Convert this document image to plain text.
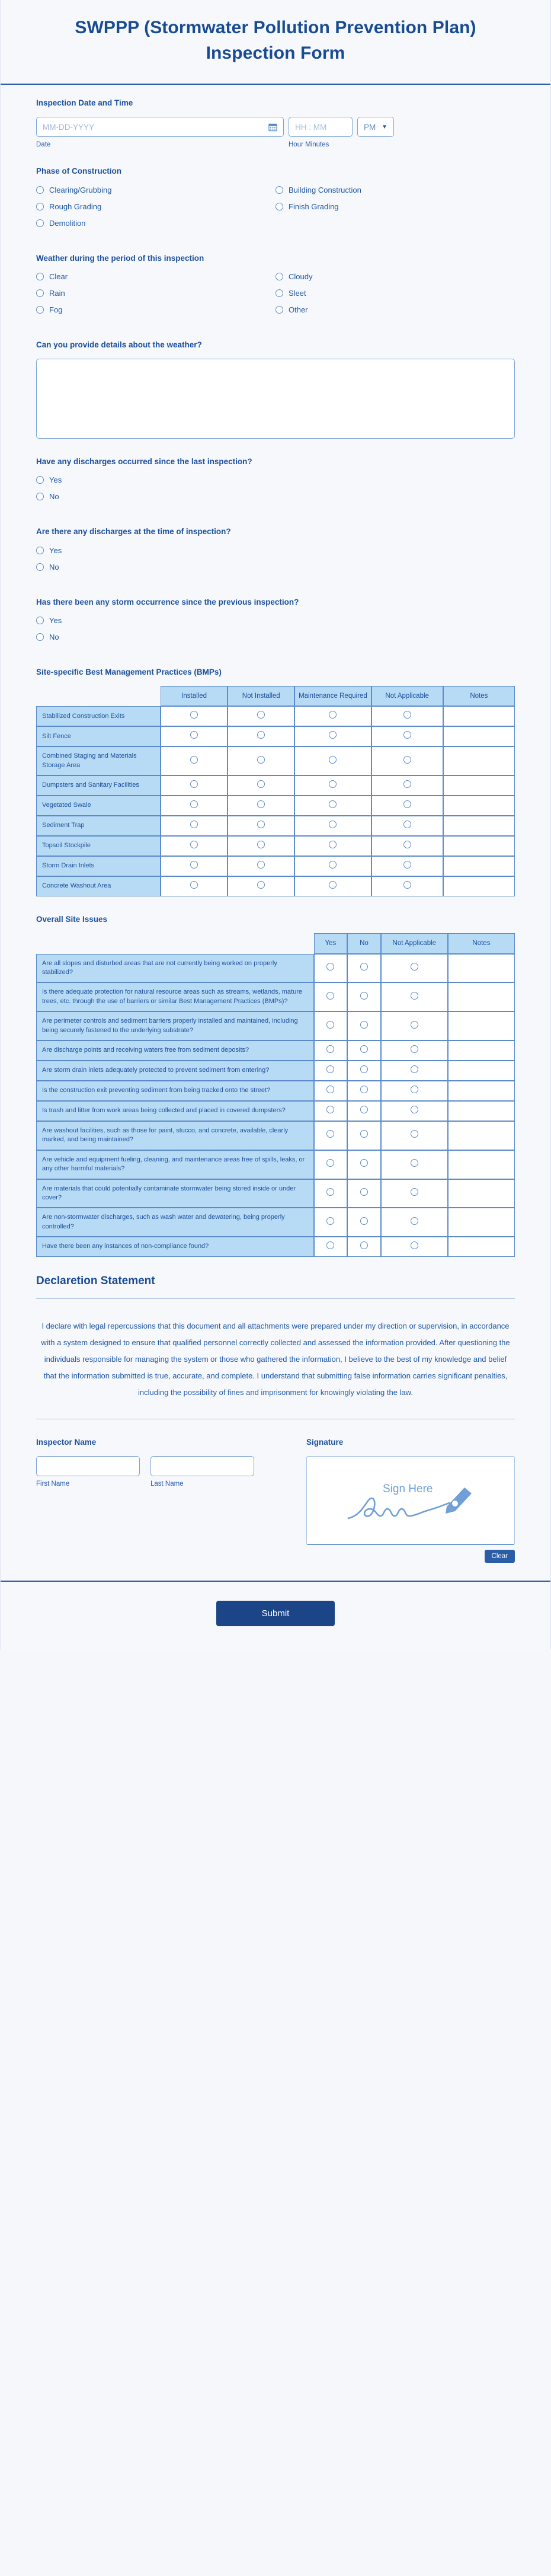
SWPPP (Stormwater Pollution Prevention Plan) Inspection Form
Inspection Date and Time
MM-DD-YYYY	HH : MM	PM ▼
Date	Hour Minutes
Phase of Construction
Clearing/Grubbing	Building Construction
Rough Grading	Finish Grading
Demolition
Weather during the period of this inspection
Clear	Cloudy
Rain	Sleet
Fog	Other
Can you provide details about the weather?
Have any discharges occurred since the last inspection?
Yes
No
Are there any discharges at the time of inspection?
Yes
No
Has there been any storm occurrence since the previous inspection?
Yes
No
Site-specific Best Management Practices (BMPs)
	Installed	Not Installed	Maintenance Required	Not Applicable	Notes
Stabilized Construction Exits					
Silt Fence					
Combined Staging and Materials Storage Area					
Dumpsters and Sanitary Facilities					
Vegetated Swale					
Sediment Trap					
Topsoil Stockpile					
Storm Drain Inlets					
Concrete Washout Area					
Overall Site Issues
	Yes	No	Not Applicable	Notes
Are all slopes and disturbed areas that are not currently being worked on properly stabilized?				
Is there adequate protection for natural resource areas such as streams, wetlands, mature trees, etc. through the use of barriers or similar Best Management Practices (BMPs)?				
Are perimeter controls and sediment barriers properly installed and maintained, including being securely fastened to the underlying substrate?				
Are discharge points and receiving waters free from sediment deposits?				
Are storm drain inlets adequately protected to prevent sediment from entering?				
Is the construction exit preventing sediment from being tracked onto the street?				
Is trash and litter from work areas being collected and placed in covered dumpsters?				
Are washout facilities, such as those for paint, stucco, and concrete, available, clearly marked, and being maintained?				
Are vehicle and equipment fueling, cleaning, and maintenance areas free of spills, leaks, or any other harmful materials?				
Are materials that could potentially contaminate stormwater being stored inside or under cover?				
Are non-stormwater discharges, such as wash water and dewatering, being properly controlled?				
Have there been any instances of non-compliance found?				
Declaretion Statement
I declare with legal repercussions that this document and all attachments were prepared under my direction or supervision, in accordance with a system designed to ensure that qualified personnel correctly collected and assessed the information provided. After questioning the individuals responsible for managing the system or those who gathered the information, I believe to the best of my knowledge and belief that the information submitted is true, accurate, and complete. I understand that submitting false information carries significant penalties, including the possibility of fines and imprisonment for knowingly violating the law.
Inspector Name
First Name	Last Name
Signature
Sign Here
Clear
Submit
